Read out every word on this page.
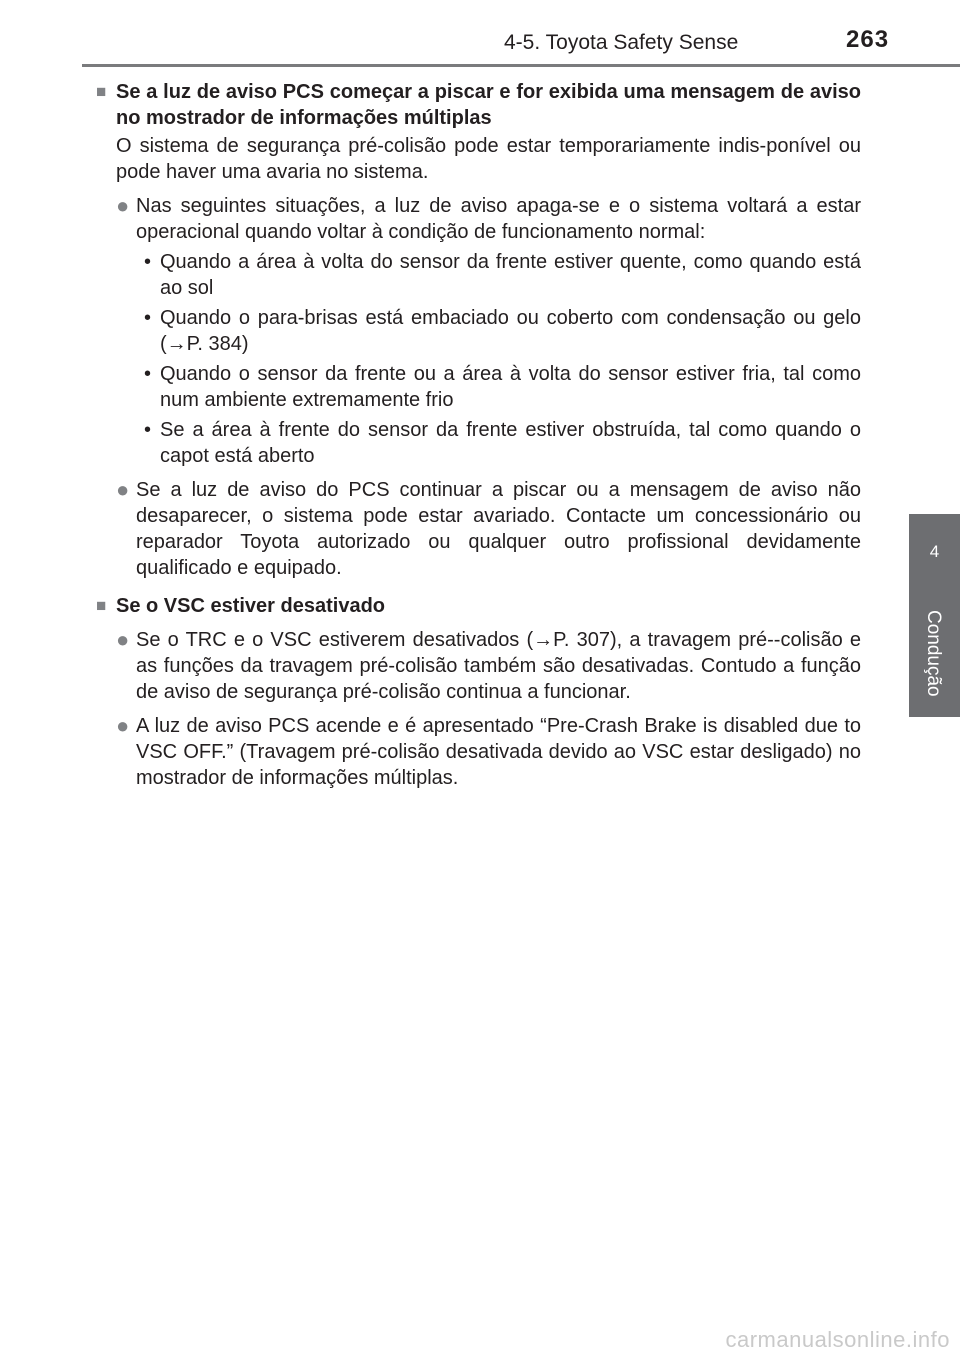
4-5. Toyota Safety Sense	263
4
Condução
■ Se a luz de aviso PCS começar a piscar e for exibida uma mensagem de aviso no mostrador de informações múltiplas
O sistema de segurança pré-colisão pode estar temporariamente indis-ponível ou pode haver uma avaria no sistema.
● Nas seguintes situações, a luz de aviso apaga-se e o sistema voltará a estar operacional quando voltar à condição de funcionamento normal:
• Quando a área à volta do sensor da frente estiver quente, como quando está ao sol
• Quando o para-brisas está embaciado ou coberto com condensação ou gelo (→P. 384)
• Quando o sensor da frente ou a área à volta do sensor estiver fria, tal como num ambiente extremamente frio
• Se a área à frente do sensor da frente estiver obstruída, tal como quando o capot está aberto
● Se a luz de aviso do PCS continuar a piscar ou a mensagem de aviso não desaparecer, o sistema pode estar avariado. Contacte um concessionário ou reparador Toyota autorizado ou qualquer outro profissional devidamente qualificado e equipado.
■ Se o VSC estiver desativado
● Se o TRC e o VSC estiverem desativados (→P. 307), a travagem pré--colisão e as funções da travagem pré-colisão também são desativadas. Contudo a função de aviso de segurança pré-colisão continua a funcionar.
● A luz de aviso PCS acende e é apresentado “Pre-Crash Brake is disabled due to VSC OFF.” (Travagem pré-colisão desativada devido ao VSC estar desligado) no mostrador de informações múltiplas.
carmanualsonline.info
